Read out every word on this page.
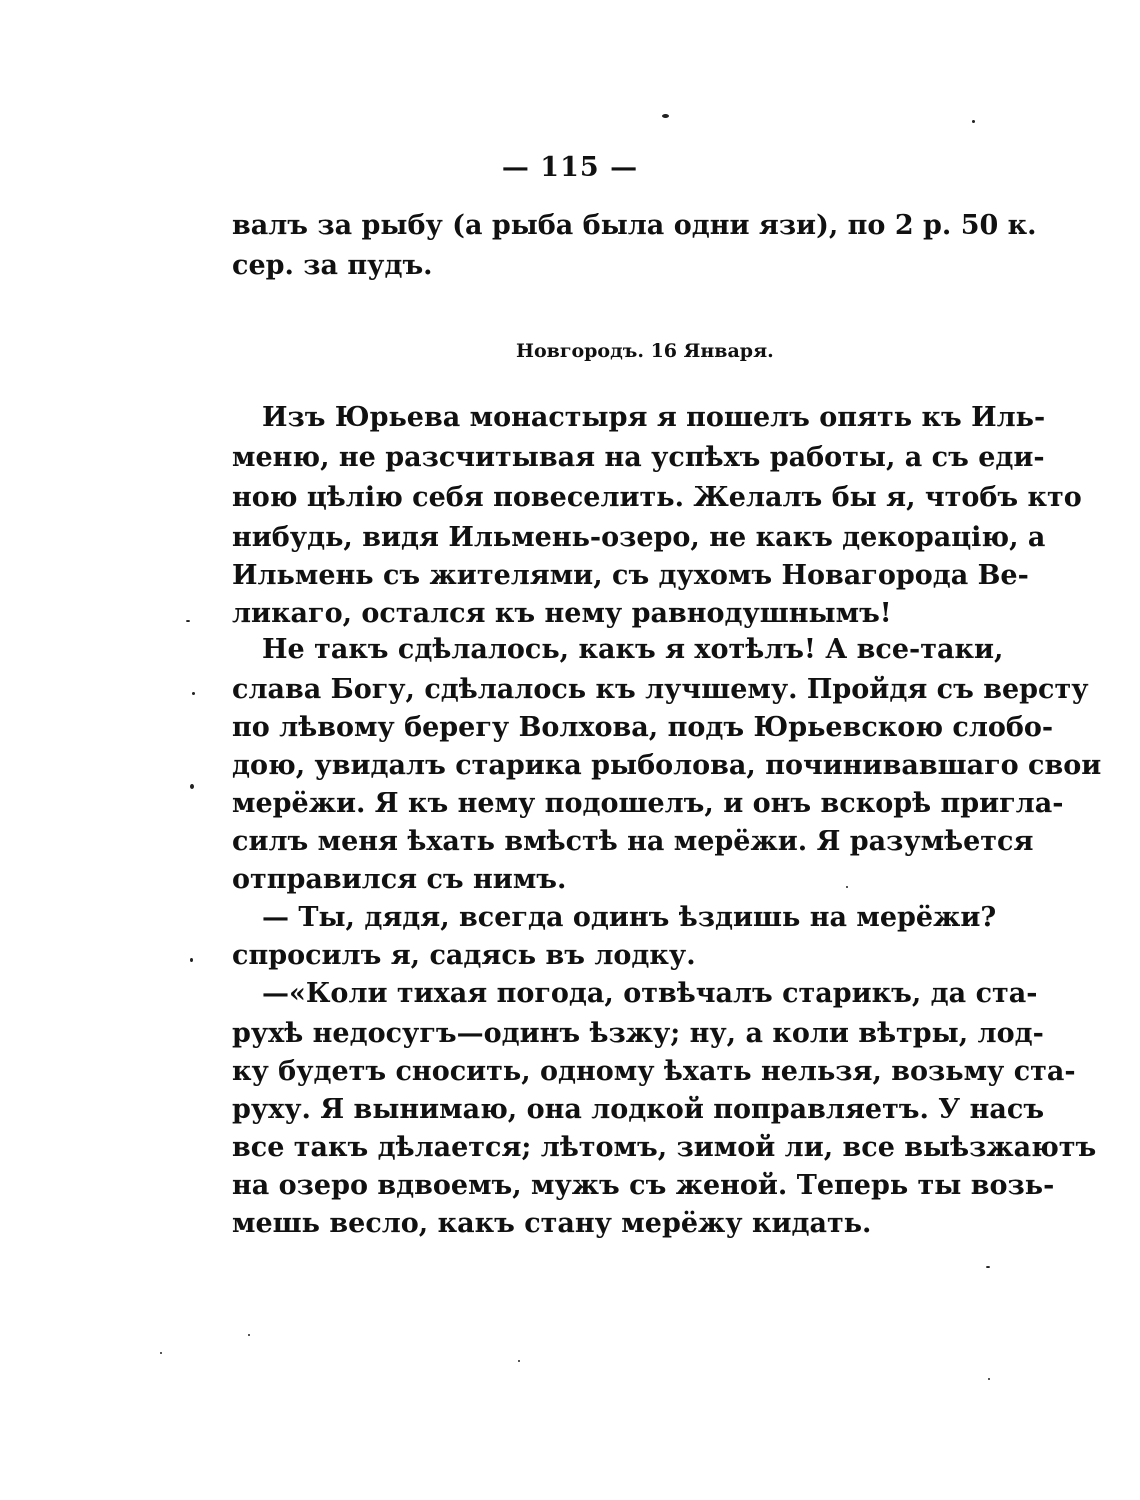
— 115 —
валъ за рыбу (а рыба была одни язи), по 2 р. 50 к.
сер. за пудъ.
Новгородъ. 16 Января.
Изъ Юрьева монастыря я пошелъ опять къ Иль-
меню, не разсчитывая на успѣхъ работы, а съ еди-
ною цѣлію себя повеселить. Желалъ бы я, чтобъ кто
нибудь, видя Ильмень-озеро, не какъ декорацію, а
Ильмень съ жителями, съ духомъ Новагорода Ве-
ликаго, остался къ нему равнодушнымъ!
Не такъ сдѣлалось, какъ я хотѣлъ! А все-таки,
слава Богу, сдѣлалось къ лучшему. Пройдя съ версту
по лѣвому берегу Волхова, подъ Юрьевскою слобо-
дою, увидалъ старика рыболова, починивавшаго свои
мерёжи. Я къ нему подошелъ, и онъ вскорѣ пригла-
силъ меня ѣхать вмѣстѣ на мерёжи. Я разумѣется
отправился съ нимъ.
— Ты, дядя, всегда одинъ ѣздишь на мерёжи?
спросилъ я, садясь въ лодку.
—«Коли тихая погода, отвѣчалъ старикъ, да ста-
рухѣ недосугъ—одинъ ѣзжу; ну, а коли вѣтры, лод-
ку будетъ сносить, одному ѣхать нельзя, возьму ста-
руху. Я вынимаю, она лодкой поправляетъ. У насъ
все такъ дѣлается; лѣтомъ, зимой ли, все выѣзжаютъ
на озеро вдвоемъ, мужъ съ женой. Теперь ты возь-
мешь весло, какъ стану мерёжу кидать.
